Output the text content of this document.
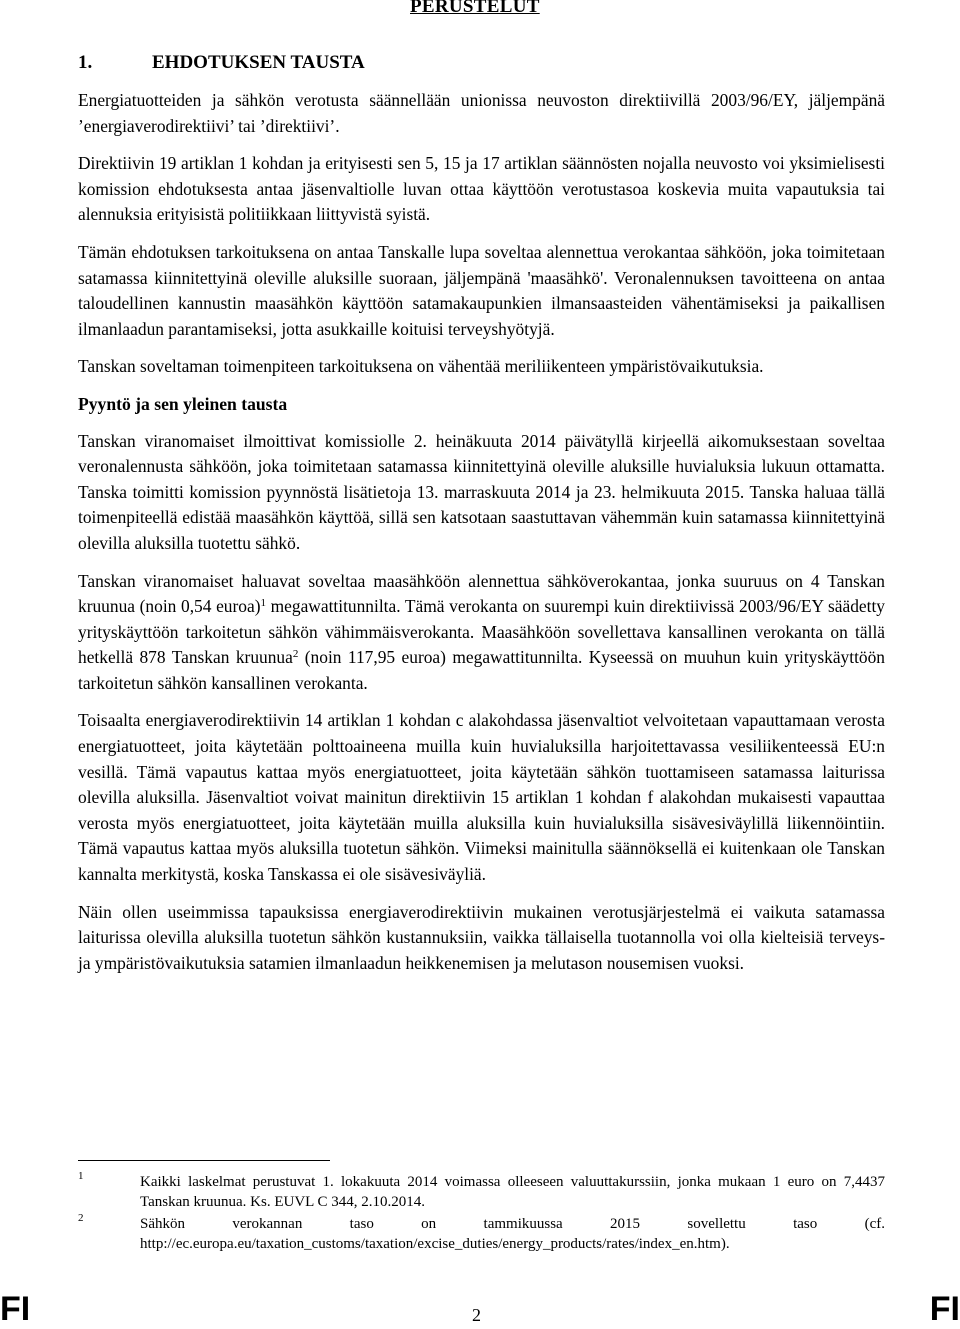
PERUSTELUT
1.	EHDOTUKSEN TAUSTA

Energiatuotteiden ja sähkön verotusta säännellään unionissa neuvoston direktiivillä 2003/96/EY, jäljempänä ’energiaverodirektiivi’ tai ’direktiivi’.

Direktiivin 19 artiklan 1 kohdan ja erityisesti sen 5, 15 ja 17 artiklan säännösten nojalla neuvosto voi yksimielisesti komission ehdotuksesta antaa jäsenvaltiolle luvan ottaa käyttöön verotustasoa koskevia muita vapautuksia tai alennuksia erityisistä politiikkaan liittyvistä syistä.

Tämän ehdotuksen tarkoituksena on antaa Tanskalle lupa soveltaa alennettua verokantaa sähköön, joka toimitetaan satamassa kiinnitettyinä oleville aluksille suoraan, jäljempänä 'maasähkö'. Veronalennuksen tavoitteena on antaa taloudellinen kannustin maasähkön käyttöön satamakaupunkien ilmansaasteiden vähentämiseksi ja paikallisen ilmanlaadun parantamiseksi, jotta asukkaille koituisi terveyshyötyjä.

Tanskan soveltaman toimenpiteen tarkoituksena on vähentää meriliikenteen ympäristövaikutuksia.

Pyyntö ja sen yleinen tausta

Tanskan viranomaiset ilmoittivat komissiolle 2. heinäkuuta 2014 päivätyllä kirjeellä aikomuksestaan soveltaa veronalennusta sähköön, joka toimitetaan satamassa kiinnitettyinä oleville aluksille huvialuksia lukuun ottamatta. Tanska toimitti komission pyynnöstä lisätietoja 13. marraskuuta 2014 ja 23. helmikuuta 2015. Tanska haluaa tällä toimenpiteellä edistää maasähkön käyttöä, sillä sen katsotaan saastuttavan vähemmän kuin satamassa kiinnitettyinä olevilla aluksilla tuotettu sähkö.

Tanskan viranomaiset haluavat soveltaa maasähköön alennettua sähköverokantaa, jonka suuruus on 4 Tanskan kruunua (noin 0,54 euroa)$^1$ megawattitunnilta. Tämä verokanta on suurempi kuin direktiivissä 2003/96/EY säädetty yrityskäyttöön tarkoitetun sähkön vähimmäisverokanta. Maasähköön sovellettava kansallinen verokanta on tällä hetkellä 878 Tanskan kruunua$^2$ (noin 117,95 euroa) megawattitunnilta. Kyseessä on muuhun kuin yrityskäyttöön tarkoitetun sähkön kansallinen verokanta.

Toisaalta energiaverodirektiivin 14 artiklan 1 kohdan c alakohdassa jäsenvaltiot velvoitetaan vapauttamaan verosta energiatuotteet, joita käytetään polttoaineena muilla kuin huvialuksilla harjoitettavassa vesiliikenteessä EU:n vesillä. Tämä vapautus kattaa myös energiatuotteet, joita käytetään sähkön tuottamiseen satamassa laiturissa olevilla aluksilla. Jäsenvaltiot voivat mainitun direktiivin 15 artiklan 1 kohdan f alakohdan mukaisesti vapauttaa verosta myös energiatuotteet, joita käytetään muilla aluksilla kuin huvialuksilla sisävesiväylillä liikennöintiin. Tämä vapautus kattaa myös aluksilla tuotetun sähkön. Viimeksi mainitulla säännöksellä ei kuitenkaan ole Tanskan kannalta merkitystä, koska Tanskassa ei ole sisävesiväyliä.

Näin ollen useimmissa tapauksissa energiaverodirektiivin mukainen verotusjärjestelmä ei vaikuta satamassa laiturissa olevilla aluksilla tuotetun sähkön kustannuksiin, vaikka tällaisella tuotannolla voi olla kielteisiä terveys- ja ympäristövaikutuksia satamien ilmanlaadun heikkenemisen ja melutason nousemisen vuoksi.

1	Kaikki laskelmat perustuvat 1. lokakuuta 2014 voimassa olleeseen valuuttakurssiin, jonka mukaan 1 euro on 7,4437 Tanskan kruunua. Ks. EUVL C 344, 2.10.2014.
2	Sähkön verokannan taso on tammikuussa 2015 sovellettu taso (cf. http://ec.europa.eu/taxation_customs/taxation/excise_duties/energy_products/rates/index_en.htm).
FI	2	FI
